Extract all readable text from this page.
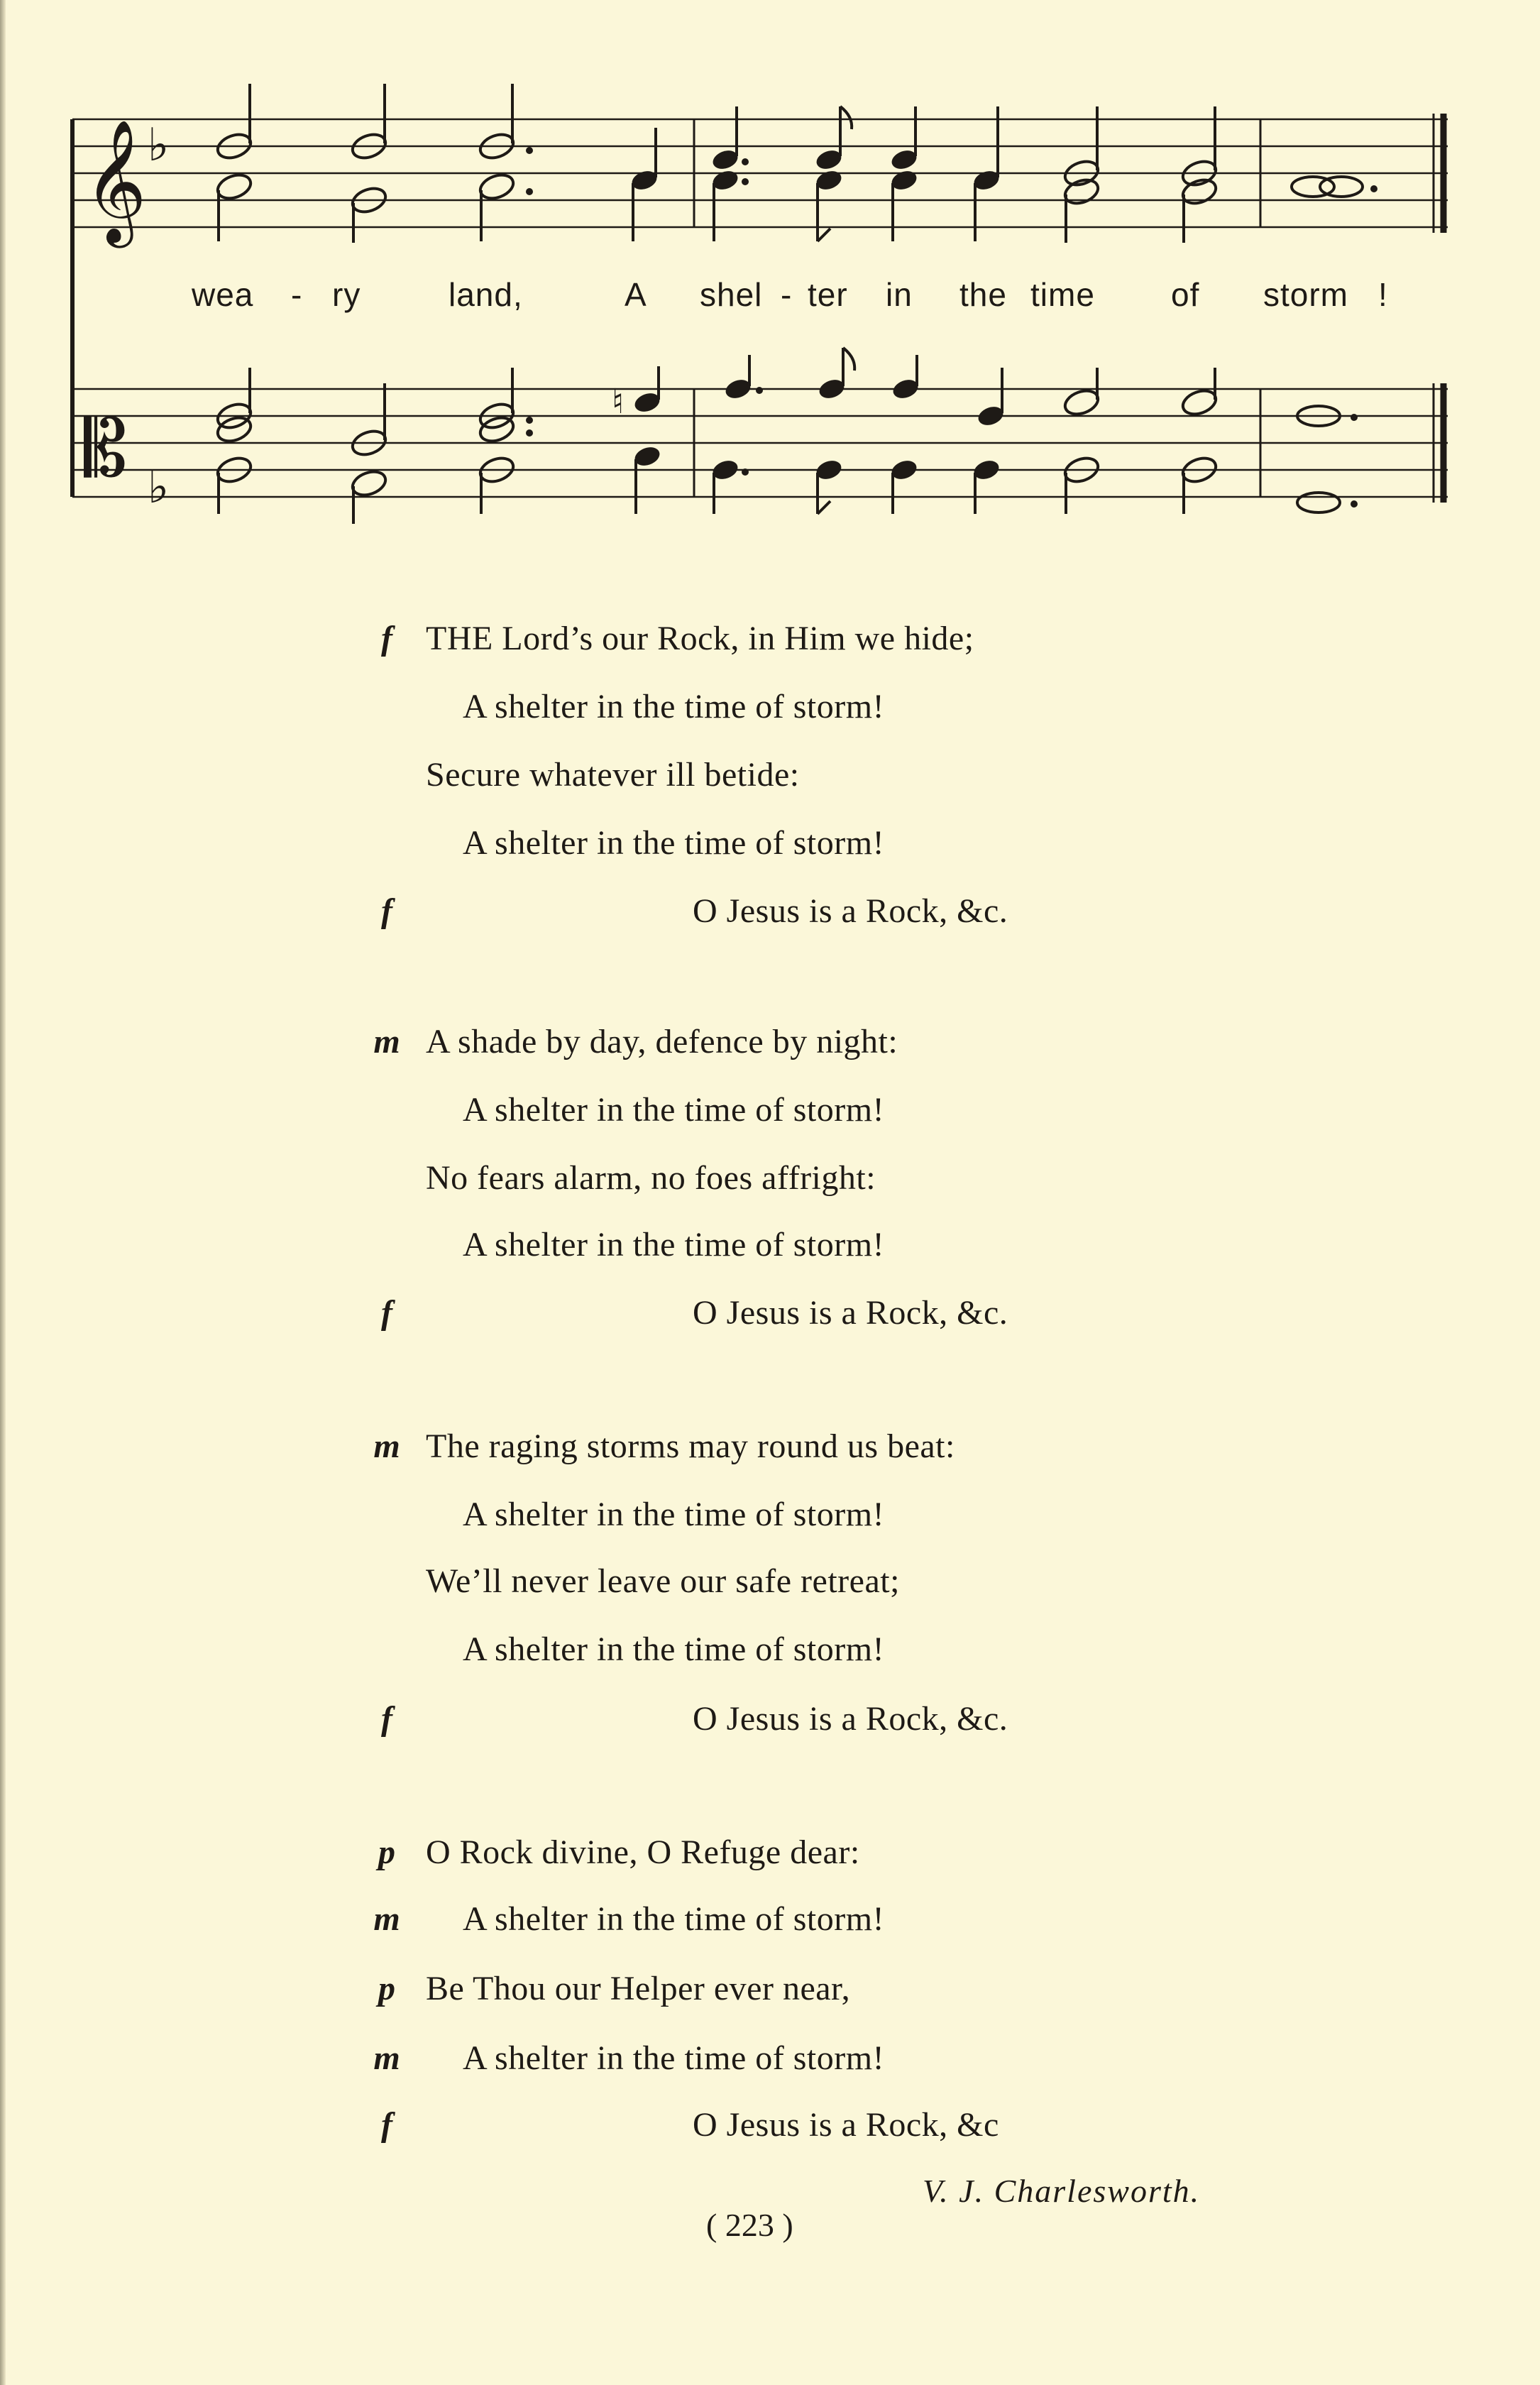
𝄞 ♭
𝄡 ♭
♮
wea - ry	land,	A shel - ter in the time of storm !
f THE Lord’s our Rock, in Him we hide;
A shelter in the time of storm!
Secure whatever ill betide:
A shelter in the time of storm!
f	O Jesus is a Rock, &c.
m A shade by day, defence by night:
A shelter in the time of storm!
No fears alarm, no foes affright:
A shelter in the time of storm!
f	O Jesus is a Rock, &c.
m The raging storms may round us beat:
A shelter in the time of storm!
We’ll never leave our safe retreat;
A shelter in the time of storm!
f	O Jesus is a Rock, &c.
p O Rock divine, O Refuge dear:
m A shelter in the time of storm!
p Be Thou our Helper ever near,
m A shelter in the time of storm!
f	O Jesus is a Rock, &c
V. J. Charlesworth.
( 223 )
